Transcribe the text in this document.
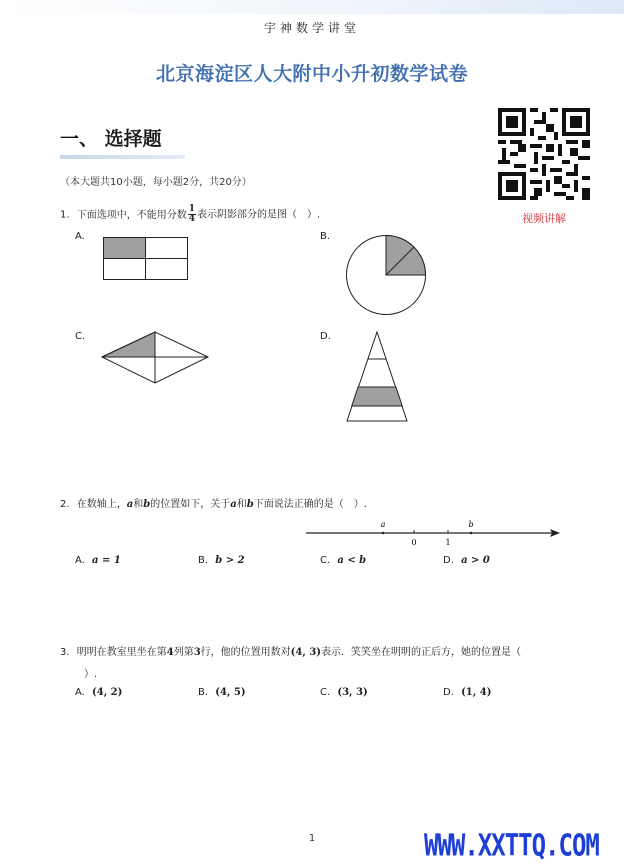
宇神数学讲堂
北京海淀区人大附中小升初数学试卷
一、 选择题
（本大题共10小题，每小题2分，共20分）
视频讲解
1. 下面选项中，不能用分数 $\frac{1}{4}$ 表示阴影部分的是图（　）.
A.	B.
C.	D.
2. 在数轴上，a和b的位置如下，关于a和b下面说法正确的是（　）.
a	b
0	1
A. a = 1	B. b > 2	C. a < b	D. a > 0
3. 明明在教室里坐在第4列第3行，他的位置用数对(4, 3)表示．笑笑坐在明明的正后方，她的位置是（
）.
A. (4, 2)	B. (4, 5)	C. (3, 3)	D. (1, 4)
1	WWW.XXTTQ.COM
